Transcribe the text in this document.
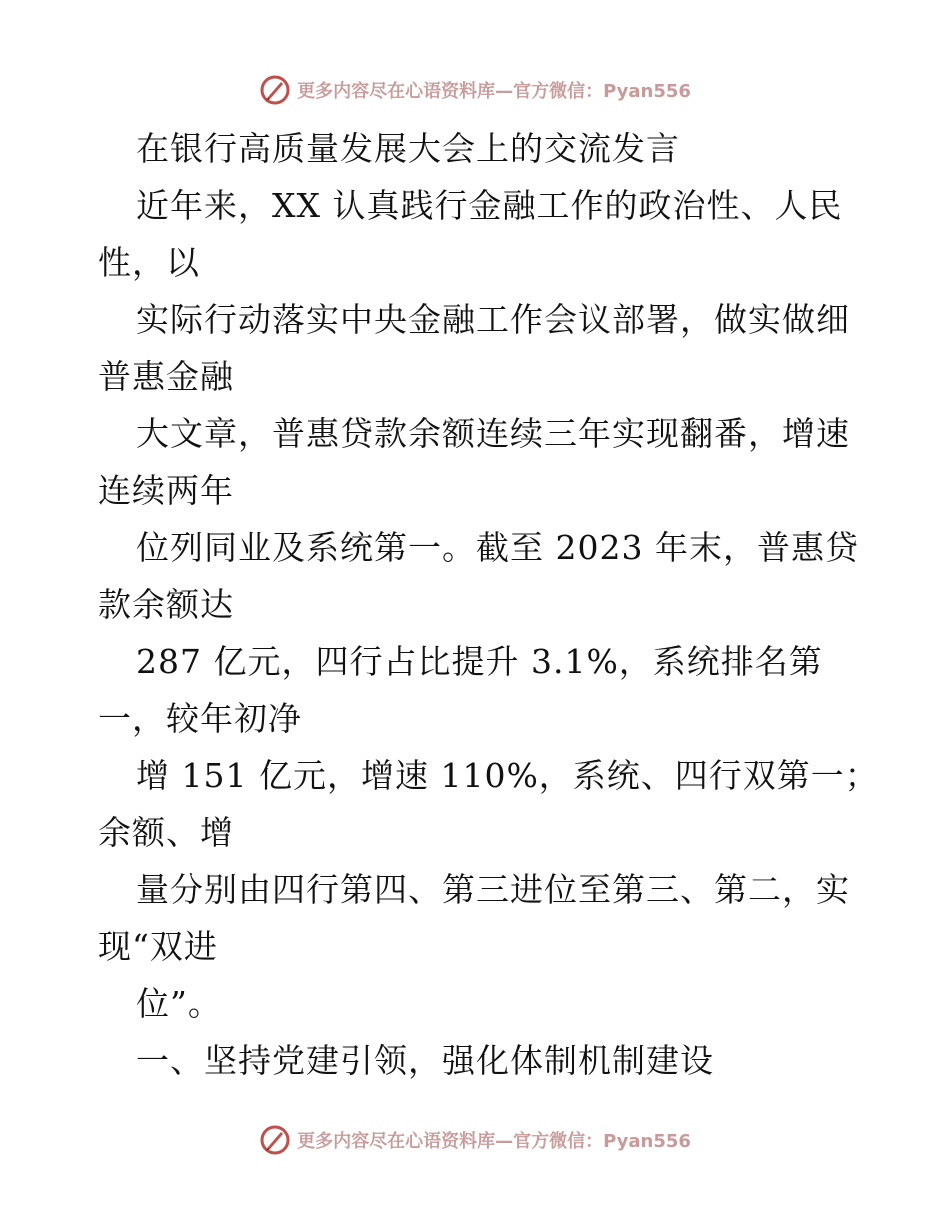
更多内容尽在心语资料库—官方微信：Pyan556
在银行高质量发展大会上的交流发言
近年来，XX 认真践行金融工作的政治性、人民
性，以
实际行动落实中央金融工作会议部署，做实做细
普惠金融
大文章，普惠贷款余额连续三年实现翻番，增速
连续两年
位列同业及系统第一。截至 2023 年末，普惠贷
款余额达
287 亿元，四行占比提升 3.1%，系统排名第
一，较年初净
增 151 亿元，增速 110%，系统、四行双第一；
余额、增
量分别由四行第四、第三进位至第三、第二，实
现“双进
位”。
一、坚持党建引领，强化体制机制建设
更多内容尽在心语资料库—官方微信：Pyan556
